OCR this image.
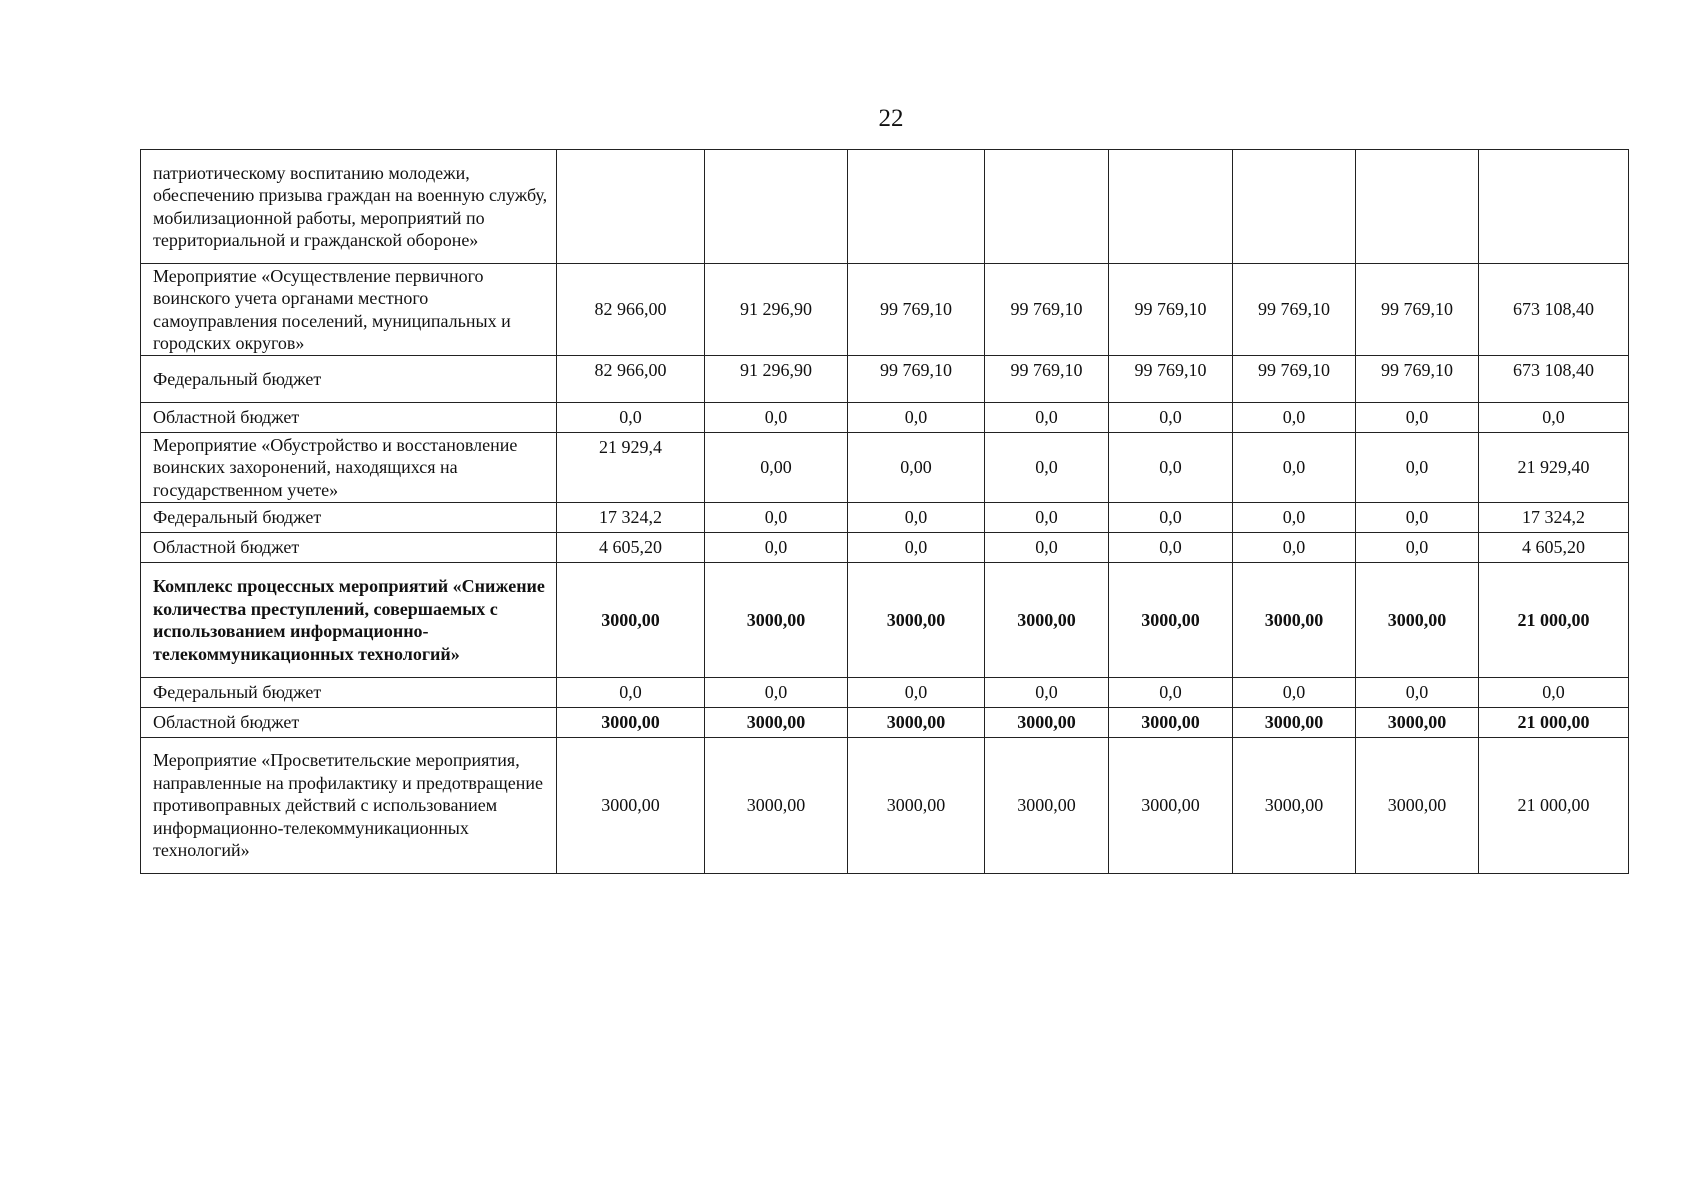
22
патриотическому воспитанию молодежи, обеспечению призыва граждан на военную службу, мобилизационной работы, мероприятий по территориальной и гражданской обороне»								
Мероприятие «Осуществление первичного воинского учета органами местного самоуправления поселений, муниципальных и городских округов»	82 966,00	91 296,90	99 769,10	99 769,10	99 769,10	99 769,10	99 769,10	673 108,40
Федеральный бюджет	82 966,00	91 296,90	99 769,10	99 769,10	99 769,10	99 769,10	99 769,10	673 108,40
Областной бюджет	0,0	0,0	0,0	0,0	0,0	0,0	0,0	0,0
Мероприятие «Обустройство и восстановление воинских захоронений, находящихся на государственном учете»	21 929,4	0,00	0,00	0,0	0,0	0,0	0,0	21 929,40
Федеральный бюджет	17 324,2	0,0	0,0	0,0	0,0	0,0	0,0	17 324,2
Областной бюджет	4 605,20	0,0	0,0	0,0	0,0	0,0	0,0	4 605,20
Комплекс процессных мероприятий «Снижение количества преступлений, совершаемых с использованием информационно-телекоммуникационных технологий»	3000,00	3000,00	3000,00	3000,00	3000,00	3000,00	3000,00	21 000,00
Федеральный бюджет	0,0	0,0	0,0	0,0	0,0	0,0	0,0	0,0
Областной бюджет	3000,00	3000,00	3000,00	3000,00	3000,00	3000,00	3000,00	21 000,00
Мероприятие «Просветительские мероприятия, направленные на профилактику и предотвращение противоправных действий с использованием информационно-телекоммуникационных технологий»	3000,00	3000,00	3000,00	3000,00	3000,00	3000,00	3000,00	21 000,00
